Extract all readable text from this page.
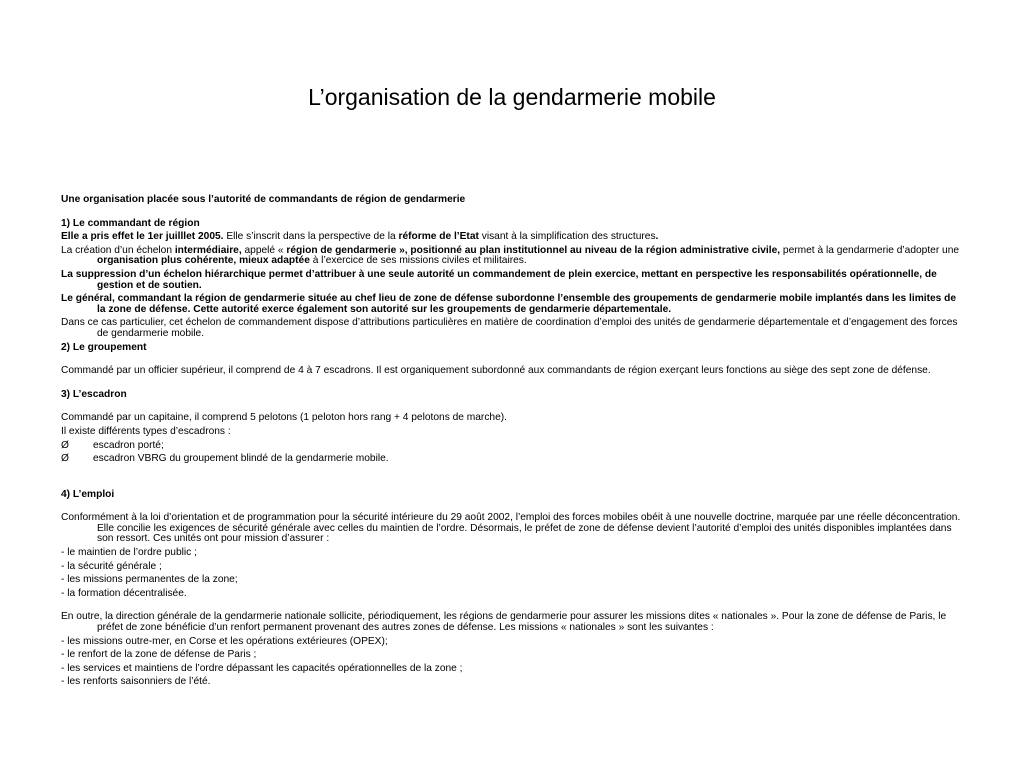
L’organisation de la gendarmerie mobile

Une organisation placée sous l’autorité de commandants de région de gendarmerie

1) Le commandant de région

Elle a pris effet le 1er juilllet 2005. Elle s’inscrit dans la perspective de la réforme de l’Etat visant à la simplification des structures.

La création d’un échelon intermédiaire, appelé « région de gendarmerie », positionné au plan institutionnel au niveau de la région administrative civile, permet à la gendarmerie d’adopter une organisation plus cohérente, mieux adaptée à l’exercice de ses missions civiles et militaires.

La suppression d’un échelon hiérarchique permet d’attribuer à une seule autorité un commandement de plein exercice, mettant en perspective les responsabilités opérationnelle, de gestion et de soutien.

Le général, commandant la région de gendarmerie située au chef lieu de zone de défense subordonne l’ensemble des groupements de gendarmerie mobile implantés dans les limites de la zone de défense. Cette autorité exerce également son autorité sur les groupements de gendarmerie départementale.

Dans ce cas particulier, cet échelon de commandement dispose d’attributions particulières en matière de coordination d’emploi des unités de gendarmerie départementale et d’engagement des forces de gendarmerie mobile.

2) Le groupement

Commandé par un officier supérieur, il comprend de 4 à 7 escadrons. Il est organiquement subordonné aux commandants de région exerçant leurs fonctions au siège des sept zone de défense.

3) L’escadron

Commandé par un capitaine, il comprend 5 pelotons (1 peloton hors rang + 4 pelotons de marche).

Il existe différents types d’escadrons :

Ø escadron porté;

Ø escadron VBRG du groupement blindé de la gendarmerie mobile.

4) L’emploi

Conformément à la loi d’orientation et de programmation pour la sécurité intérieure du 29 août 2002, l’emploi des forces mobiles obéit à une nouvelle doctrine, marquée par une réelle déconcentration. Elle concilie les exigences de sécurité générale avec celles du maintien de l’ordre. Désormais, le préfet de zone de défense devient l’autorité d’emploi des unités disponibles implantées dans son ressort. Ces unités ont pour mission d’assurer :

- le maintien de l’ordre public ;

- la sécurité générale ;

- les missions permanentes de la zone;

- la formation décentralisée.

En outre, la direction générale de la gendarmerie nationale sollicite, périodiquement, les régions de gendarmerie pour assurer les missions dites « nationales ». Pour la zone de défense de Paris, le préfet de zone bénéficie d’un renfort permanent provenant des autres zones de défense. Les missions « nationales » sont les suivantes :

- les missions outre-mer, en Corse et les opérations extérieures (OPEX);

- le renfort de la zone de défense de Paris ;

- les services et maintiens de l’ordre dépassant les capacités opérationnelles de la zone ;

- les renforts saisonniers de l’été.
